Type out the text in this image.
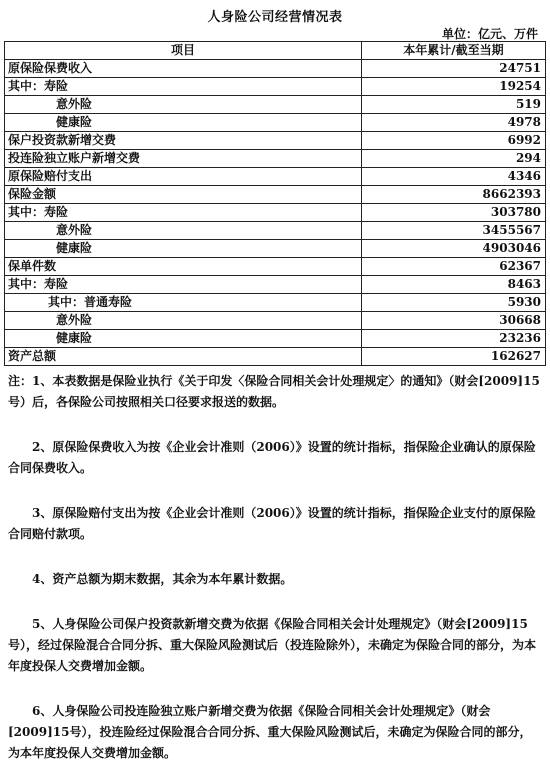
人身险公司经营情况表
单位：亿元、万件
项目	本年累计/截至当期
原保险保费收入	24751
其中：寿险	19254
意外险	519
健康险	4978
保户投资款新增交费	6992
投连险独立账户新增交费	294
原保险赔付支出	4346
保险金额	8662393
其中：寿险	303780
意外险	3455567
健康险	4903046
保单件数	62367
其中：寿险	8463
其中：普通寿险	5930
意外险	30668
健康险	23236
资产总额	162627

注：1、本表数据是保险业执行《关于印发〈保险合同相关会计处理规定〉的通知》（财会[2009]15号）后，各保险公司按照相关口径要求报送的数据。

2、原保险保费收入为按《企业会计准则（2006）》设置的统计指标，指保险企业确认的原保险合同保费收入。

3、原保险赔付支出为按《企业会计准则（2006）》设置的统计指标，指保险企业支付的原保险合同赔付款项。

4、资产总额为期末数据，其余为本年累计数据。

5、人身保险公司保户投资款新增交费为依据《保险合同相关会计处理规定》（财会[2009]15号），经过保险混合合同分拆、重大保险风险测试后（投连险除外），未确定为保险合同的部分，为本年度投保人交费增加金额。

6、人身保险公司投连险独立账户新增交费为依据《保险合同相关会计处理规定》（财会[2009]15号），投连险经过保险混合合同分拆、重大保险风险测试后，未确定为保险合同的部分，为本年度投保人交费增加金额。
